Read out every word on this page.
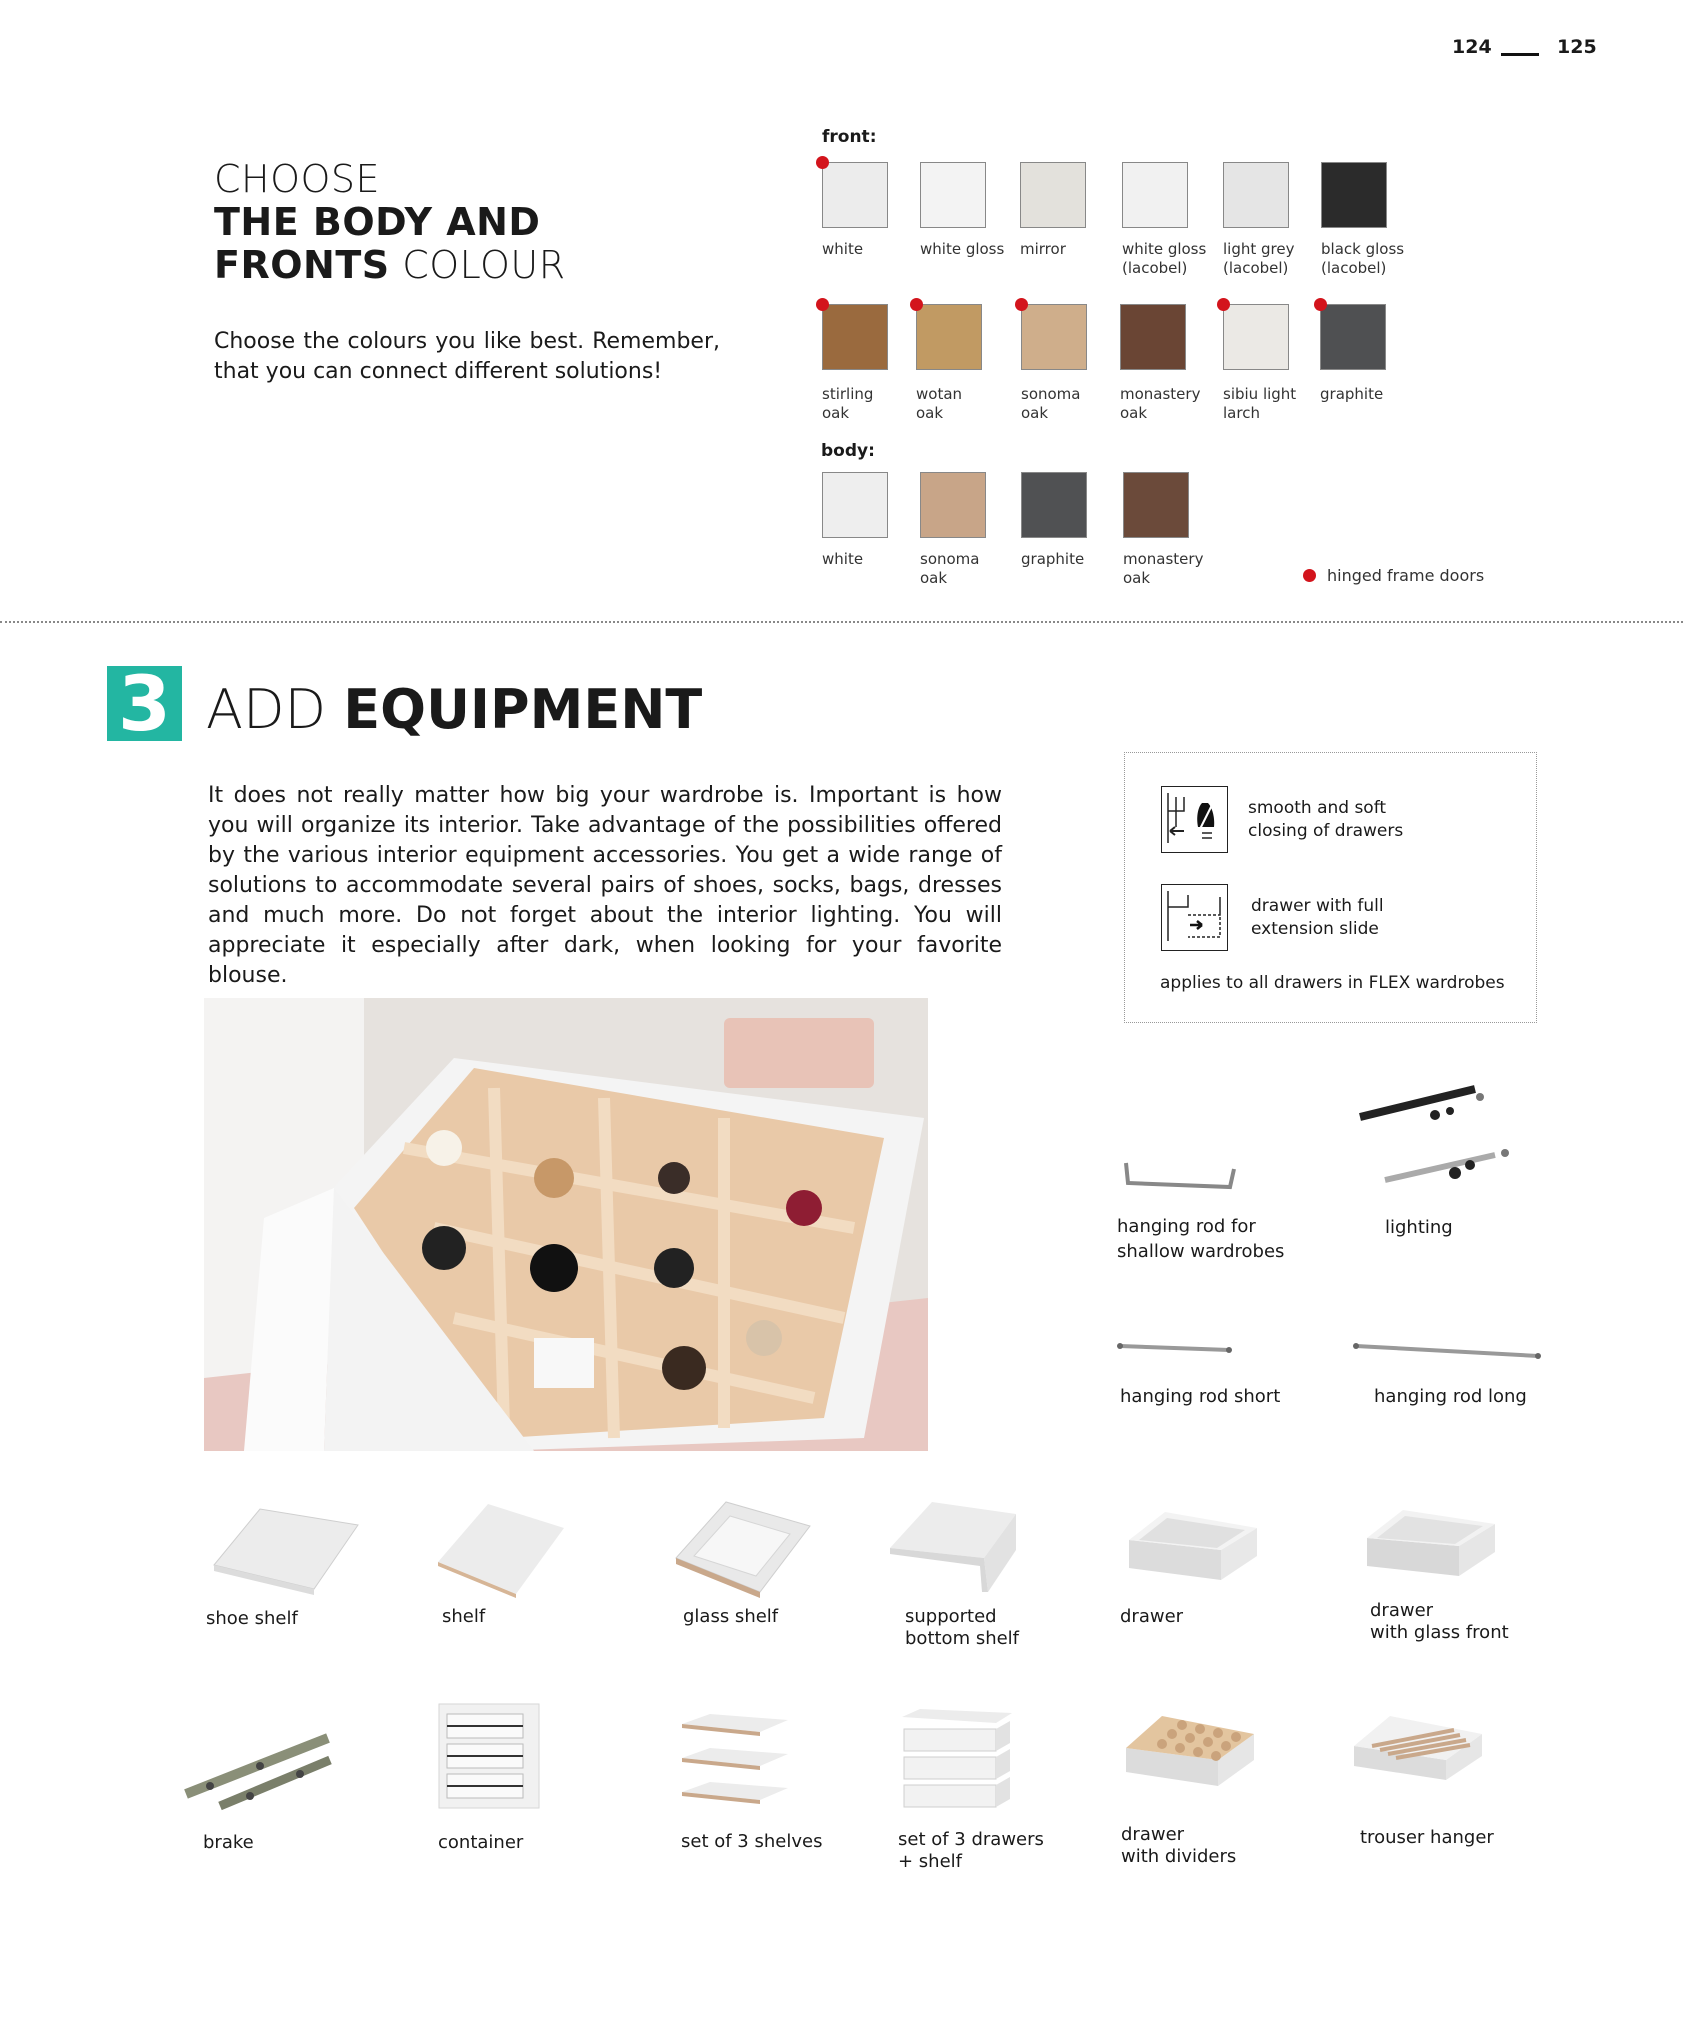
124	125
CHOOSE
THE BODY AND
FRONTS COLOUR
Choose the colours you like best. Remember, that you can connect different solutions!
front:
white	white gloss mirror	white gloss
(lacobel)
light grey
(lacobel)
black gloss
(lacobel)
stirling
oak
wotan
oak
sonoma
oak
monastery
oak
sibiu light
larch
graphite
body:
white	sonoma
oak
graphite	monastery
oak	hinged frame doors
3 ADD EQUIPMENT
It does not really matter how big your wardrobe is. Important is how you will organize its interior. Take advantage of the possibilities offered by the various interior equipment accessories. You get a wide range of solutions to accommodate several pairs of shoes, socks, bags, dresses and much more. Do not forget about the interior lighting. You will appreciate it especially after dark, when looking for your favorite blouse.
smooth and soft
closing of drawers
drawer with full
extension slide
applies to all drawers in FLEX wardrobes
hanging rod for
shallow wardrobes
lighting
hanging rod short	hanging rod long
shoe shelf	shelf	glass shelf	supported
bottom shelf
drawer	drawer
with glass front
brake	container	set of 3 shelves	set of 3 drawers
+ shelf
drawer
with dividers
trouser hanger
